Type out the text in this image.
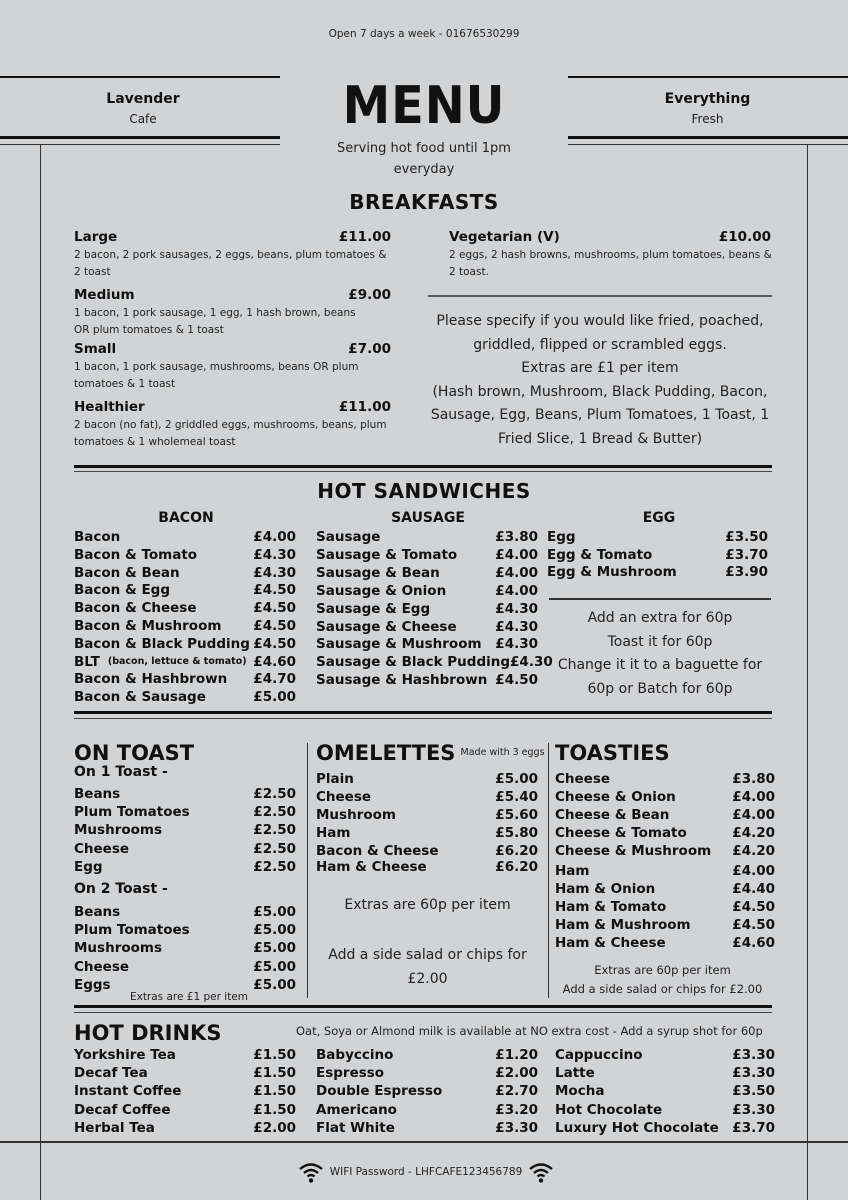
Open 7 days a week - 01676530299
Lavender
Cafe
Everything
Fresh
MENU
Serving hot food until 1pm
everyday
BREAKFASTS
Large	£11.00
2 bacon, 2 pork sausages, 2 eggs, beans, plum tomatoes & 2 toast
Medium	£9.00
1 bacon, 1 pork sausage, 1 egg, 1 hash brown, beans OR plum tomatoes & 1 toast
Small	£7.00
1 bacon, 1 pork sausage, mushrooms, beans OR plum tomatoes & 1 toast
Healthier	£11.00
2 bacon (no fat), 2 griddled eggs, mushrooms, beans, plum tomatoes & 1 wholemeal toast
Vegetarian (V)	£10.00
2 eggs, 2 hash browns, mushrooms, plum tomatoes, beans & 2 toast.
Please specify if you would like fried, poached,
griddled, flipped or scrambled eggs.
Extras are £1 per item
(Hash brown, Mushroom, Black Pudding, Bacon,
Sausage, Egg, Beans, Plum Tomatoes, 1 Toast, 1
Fried Slice, 1 Bread & Butter)
HOT SANDWICHES
BACON	SAUSAGE	EGG
Bacon	£4.00
Bacon & Tomato	£4.30
Bacon & Bean	£4.30
Bacon & Egg	£4.50
Bacon & Cheese	£4.50
Bacon & Mushroom £4.50
Bacon & Black Pudding £4.50
BLT (bacon, lettuce & tomato) £4.60
Bacon & Hashbrown £4.70
Bacon & Sausage	£5.00
Sausage	£3.80
Sausage & Tomato	£4.00
Sausage & Bean	£4.00
Sausage & Onion	£4.00
Sausage & Egg	£4.30
Sausage & Cheese	£4.30
Sausage & Mushroom £4.30
Sausage & Black Pudding £4.30
Sausage & Hashbrown £4.50
Egg	£3.50
Egg & Tomato	£3.70
Egg & Mushroom	£3.90
Add an extra for 60p
Toast it for 60p
Change it it to a baguette for
60p or Batch for 60p
ON TOAST
On 1 Toast -
Beans	£2.50
Plum Tomatoes	£2.50
Mushrooms	£2.50
Cheese	£2.50
Egg	£2.50
On 2 Toast -
Beans	£5.00
Plum Tomatoes	£5.00
Mushrooms	£5.00
Cheese	£5.00
Eggs	£5.00
Extras are £1 per item
OMELETTES $^{Made with 3 eggs}$
Plain	£5.00
Cheese	£5.40
Mushroom	£5.60
Ham	£5.80
Bacon & Cheese	£6.20
Ham & Cheese	£6.20
Extras are 60p per item
Add a side salad or chips for
£2.00
TOASTIES
Cheese	£3.80
Cheese & Onion	£4.00
Cheese & Bean	£4.00
Cheese & Tomato	£4.20
Cheese & Mushroom £4.20
Ham	£4.00
Ham & Onion	£4.40
Ham & Tomato	£4.50
Ham & Mushroom	£4.50
Ham & Cheese	£4.60
Extras are 60p per item
Add a side salad or chips for £2.00
HOT DRINKS	Oat, Soya or Almond milk is available at NO extra cost - Add a syrup shot for 60p
Yorkshire Tea	£1.50
Decaf Tea	£1.50
Instant Coffee	£1.50
Decaf Coffee	£1.50
Herbal Tea	£2.00
Babyccino	£1.20
Espresso	£2.00
Double Espresso	£2.70
Americano	£3.20
Flat White	£3.30
Cappuccino	£3.30
Latte	£3.30
Mocha	£3.50
Hot Chocolate	£3.30
Luxury Hot Chocolate £3.70
WIFI Password - LHFCAFE123456789
